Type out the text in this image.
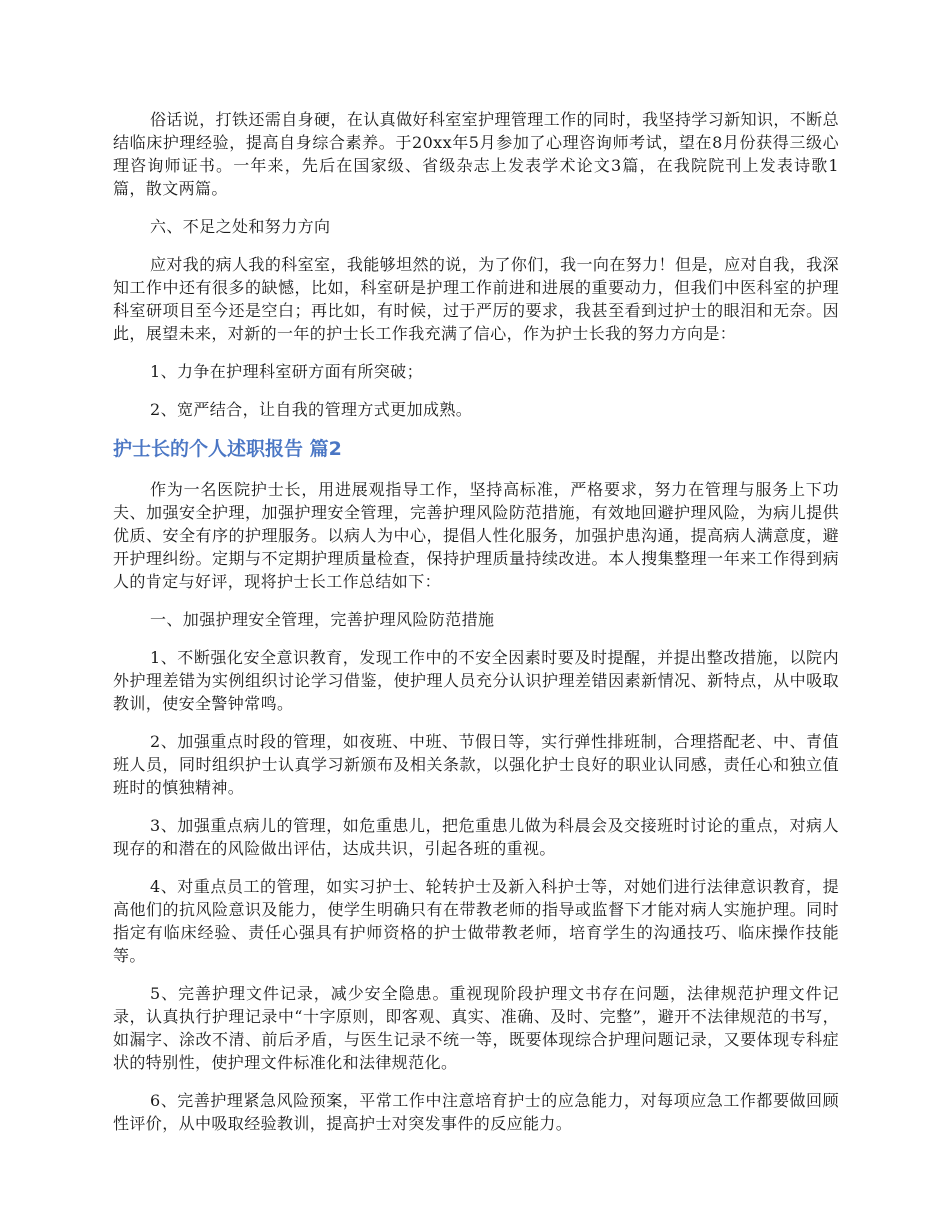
俗话说，打铁还需自身硬，在认真做好科室室护理管理工作的同时，我坚持学习新知识，不断总结临床护理经验，提高自身综合素养。于20xx年5月参加了心理咨询师考试，望在8月份获得三级心理咨询师证书。一年来，先后在国家级、省级杂志上发表学术论文3篇，在我院院刊上发表诗歌1篇，散文两篇。

六、不足之处和努力方向

应对我的病人我的科室室，我能够坦然的说，为了你们，我一向在努力！但是，应对自我，我深知工作中还有很多的缺憾，比如，科室研是护理工作前进和进展的重要动力，但我们中医科室的护理科室研项目至今还是空白；再比如，有时候，过于严厉的要求，我甚至看到过护士的眼泪和无奈。因此，展望未来，对新的一年的护士长工作我充满了信心，作为护士长我的努力方向是：

1、力争在护理科室研方面有所突破；

2、宽严结合，让自我的管理方式更加成熟。

护士长的个人述职报告 篇2

作为一名医院护士长，用进展观指导工作，坚持高标准，严格要求，努力在管理与服务上下功夫、加强安全护理，加强护理安全管理，完善护理风险防范措施，有效地回避护理风险，为病儿提供优质、安全有序的护理服务。以病人为中心，提倡人性化服务，加强护患沟通，提高病人满意度，避开护理纠纷。定期与不定期护理质量检查，保持护理质量持续改进。本人搜集整理一年来工作得到病人的肯定与好评，现将护士长工作总结如下：

一、加强护理安全管理，完善护理风险防范措施

1、不断强化安全意识教育，发现工作中的不安全因素时要及时提醒，并提出整改措施，以院内外护理差错为实例组织讨论学习借鉴，使护理人员充分认识护理差错因素新情况、新特点，从中吸取教训，使安全警钟常鸣。

2、加强重点时段的管理，如夜班、中班、节假日等，实行弹性排班制，合理搭配老、中、青值班人员，同时组织护士认真学习新颁布及相关条款，以强化护士良好的职业认同感，责任心和独立值班时的慎独精神。

3、加强重点病儿的管理，如危重患儿，把危重患儿做为科晨会及交接班时讨论的重点，对病人现存的和潜在的风险做出评估，达成共识，引起各班的重视。

4、对重点员工的管理，如实习护士、轮转护士及新入科护士等，对她们进行法律意识教育，提高他们的抗风险意识及能力，使学生明确只有在带教老师的指导或监督下才能对病人实施护理。同时指定有临床经验、责任心强具有护师资格的护士做带教老师，培育学生的沟通技巧、临床操作技能等。

5、完善护理文件记录，减少安全隐患。重视现阶段护理文书存在问题，法律规范护理文件记录，认真执行护理记录中“十字原则，即客观、真实、准确、及时、完整”，避开不法律规范的书写，如漏字、涂改不清、前后矛盾，与医生记录不统一等，既要体现综合护理问题记录，又要体现专科症状的特别性，使护理文件标准化和法律规范化。

6、完善护理紧急风险预案，平常工作中注意培育护士的应急能力，对每项应急工作都要做回顾性评价，从中吸取经验教训，提高护士对突发事件的反应能力。
